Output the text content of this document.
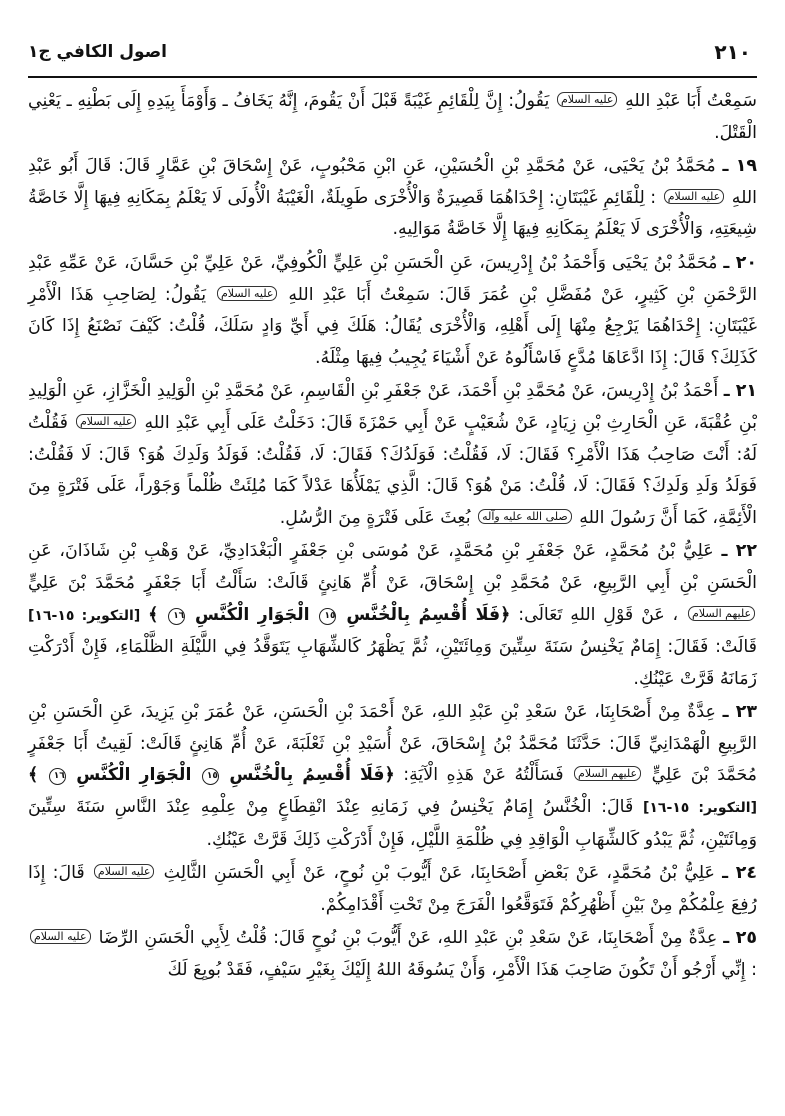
اصول الكافي ج١	٢١٠

سَمِعْتُ أَبَا عَبْدِ اللهِ عليه السلام يَقُولُ: إِنَّ لِلْقَائِمِ غَيْبَةً قَبْلَ أَنْ يَقُومَ، إِنَّهُ يَخَافُ ـ وَأَوْمَأَ بِيَدِهِ إِلَى بَطْنِهِ ـ يَعْنِي الْقَتْلَ.

١٩ ـ مُحَمَّدُ بْنُ يَحْيَى، عَنْ مُحَمَّدِ بْنِ الْحُسَيْنِ، عَنِ ابْنِ مَحْبُوبٍ، عَنْ إِسْحَاقَ بْنِ عَمَّارٍ قَالَ: قَالَ أَبُو عَبْدِ اللهِ عليه السلام : لِلْقَائِمِ غَيْبَتَانِ: إِحْدَاهُمَا قَصِيرَةٌ وَالْأُخْرَى طَوِيلَةٌ، الْغَيْبَةُ الْأُولَى لَا يَعْلَمُ بِمَكَانِهِ فِيهَا إِلَّا خَاصَّةُ شِيعَتِهِ، وَالْأُخْرَى لَا يَعْلَمُ بِمَكَانِهِ فِيهَا إِلَّا خَاصَّةُ مَوَالِيهِ.

٢٠ ـ مُحَمَّدُ بْنُ يَحْيَى وَأَحْمَدُ بْنُ إِدْرِيسَ، عَنِ الْحَسَنِ بْنِ عَلِيٍّ الْكُوفِيِّ، عَنْ عَلِيِّ بْنِ حَسَّانَ، عَنْ عَمِّهِ عَبْدِ الرَّحْمَنِ بْنِ كَثِيرٍ، عَنْ مُفَضَّلِ بْنِ عُمَرَ قَالَ: سَمِعْتُ أَبَا عَبْدِ اللهِ عليه السلام يَقُولُ: لِصَاحِبِ هَذَا الْأَمْرِ غَيْبَتَانِ: إِحْدَاهُمَا يَرْجِعُ مِنْهَا إِلَى أَهْلِهِ، وَالْأُخْرَى يُقَالُ: هَلَكَ فِي أَيِّ وَادٍ سَلَكَ، قُلْتُ: كَيْفَ نَصْنَعُ إِذَا كَانَ كَذَلِكَ؟ قَالَ: إِذَا ادَّعَاهَا مُدَّعٍ فَاسْأَلُوهُ عَنْ أَشْيَاءَ يُجِيبُ فِيهَا مِثْلَهُ.

٢١ ـ أَحْمَدُ بْنُ إِدْرِيسَ، عَنْ مُحَمَّدِ بْنِ أَحْمَدَ، عَنْ جَعْفَرِ بْنِ الْقَاسِمِ، عَنْ مُحَمَّدِ بْنِ الْوَلِيدِ الْخَزَّازِ، عَنِ الْوَلِيدِ بْنِ عُقْبَةَ، عَنِ الْحَارِثِ بْنِ زِيَادٍ، عَنْ شُعَيْبٍ عَنْ أَبِي حَمْزَةَ قَالَ: دَخَلْتُ عَلَى أَبِي عَبْدِ اللهِ عليه السلام فَقُلْتُ لَهُ: أَنْتَ صَاحِبُ هَذَا الْأَمْرِ؟ فَقَالَ: لَا، فَقُلْتُ: فَوَلَدُكَ؟ فَقَالَ: لَا، فَقُلْتُ: فَوَلَدُ وَلَدِكَ هُوَ؟ قَالَ: لَا فَقُلْتُ: فَوَلَدُ وَلَدِ وَلَدِكَ؟ فَقَالَ: لَا، قُلْتُ: مَنْ هُوَ؟ قَالَ: الَّذِي يَمْلَأُهَا عَدْلاً كَمَا مُلِئَتْ ظُلْماً وَجَوْراً، عَلَى فَتْرَةٍ مِنَ الْأَئِمَّةِ، كَمَا أَنَّ رَسُولَ اللهِ صلى الله عليه وآله بُعِثَ عَلَى فَتْرَةٍ مِنَ الرُّسُلِ.

٢٢ ـ عَلِيُّ بْنُ مُحَمَّدٍ، عَنْ جَعْفَرِ بْنِ مُحَمَّدٍ، عَنْ مُوسَى بْنِ جَعْفَرٍ الْبَغْدَادِيِّ، عَنْ وَهْبِ بْنِ شَاذَانَ، عَنِ الْحَسَنِ بْنِ أَبِي الرَّبِيعِ، عَنْ مُحَمَّدِ بْنِ إِسْحَاقَ، عَنْ أُمِّ هَانِئٍ قَالَتْ: سَأَلْتُ أَبَا جَعْفَرٍ مُحَمَّدَ بْنَ عَلِيٍّ عليهم السلام ، عَنْ قَوْلِ اللهِ تَعَالَى: ﴿فَلَا أُقْسِمُ بِالْخُنَّسِ ١٥ الْجَوَارِ الْكُنَّسِ ١٦ ﴾ [التكوير: ١٥-١٦] قَالَتْ: فَقَالَ: إِمَامٌ يَخْنِسُ سَنَةَ سِتِّينَ وَمِائَتَيْنِ، ثُمَّ يَظْهَرُ كَالشِّهَابِ يَتَوَقَّدُ فِي اللَّيْلَةِ الظَّلْمَاءِ، فَإِنْ أَدْرَكْتِ زَمَانَهُ قَرَّتْ عَيْنُكِ.

٢٣ ـ عِدَّةٌ مِنْ أَصْحَابِنَا، عَنْ سَعْدِ بْنِ عَبْدِ اللهِ، عَنْ أَحْمَدَ بْنِ الْحَسَنِ، عَنْ عُمَرَ بْنِ يَزِيدَ، عَنِ الْحَسَنِ بْنِ الرَّبِيعِ الْهَمْدَانِيِّ قَالَ: حَدَّثَنَا مُحَمَّدُ بْنُ إِسْحَاقَ، عَنْ أُسَيْدِ بْنِ ثَعْلَبَةَ، عَنْ أُمِّ هَانِئٍ قَالَتْ: لَقِيتُ أَبَا جَعْفَرٍ مُحَمَّدَ بْنَ عَلِيٍّ عليهم السلام فَسَأَلْتُهُ عَنْ هَذِهِ الْآيَةِ: ﴿فَلَا أُقْسِمُ بِالْخُنَّسِ ١٥ الْجَوَارِ الْكُنَّسِ ١٦ ﴾ [التكوير: ١٥-١٦] قَالَ: الْخُنَّسُ إِمَامٌ يَخْنِسُ فِي زَمَانِهِ عِنْدَ انْقِطَاعٍ مِنْ عِلْمِهِ عِنْدَ النَّاسِ سَنَةَ سِتِّينَ وَمِائَتَيْنِ، ثُمَّ يَبْدُو كَالشِّهَابِ الْوَاقِدِ فِي ظُلْمَةِ اللَّيْلِ، فَإِنْ أَدْرَكْتِ ذَلِكَ قَرَّتْ عَيْنُكِ.

٢٤ ـ عَلِيُّ بْنُ مُحَمَّدٍ، عَنْ بَعْضِ أَصْحَابِنَا، عَنْ أَيُّوبَ بْنِ نُوحٍ، عَنْ أَبِي الْحَسَنِ الثَّالِثِ عليه السلام قَالَ: إِذَا رُفِعَ عِلْمُكُمْ مِنْ بَيْنِ أَظْهُرِكُمْ فَتَوَقَّعُوا الْفَرَجَ مِنْ تَحْتِ أَقْدَامِكُمْ.

٢٥ ـ عِدَّةٌ مِنْ أَصْحَابِنَا، عَنْ سَعْدِ بْنِ عَبْدِ اللهِ، عَنْ أَيُّوبَ بْنِ نُوحٍ قَالَ: قُلْتُ لِأَبِي الْحَسَنِ الرِّضَا عليه السلام : إِنِّي أَرْجُو أَنْ تَكُونَ صَاحِبَ هَذَا الْأَمْرِ، وَأَنْ يَسُوقَهُ اللهُ إِلَيْكَ بِغَيْرِ سَيْفٍ، فَقَدْ بُويِعَ لَكَ
